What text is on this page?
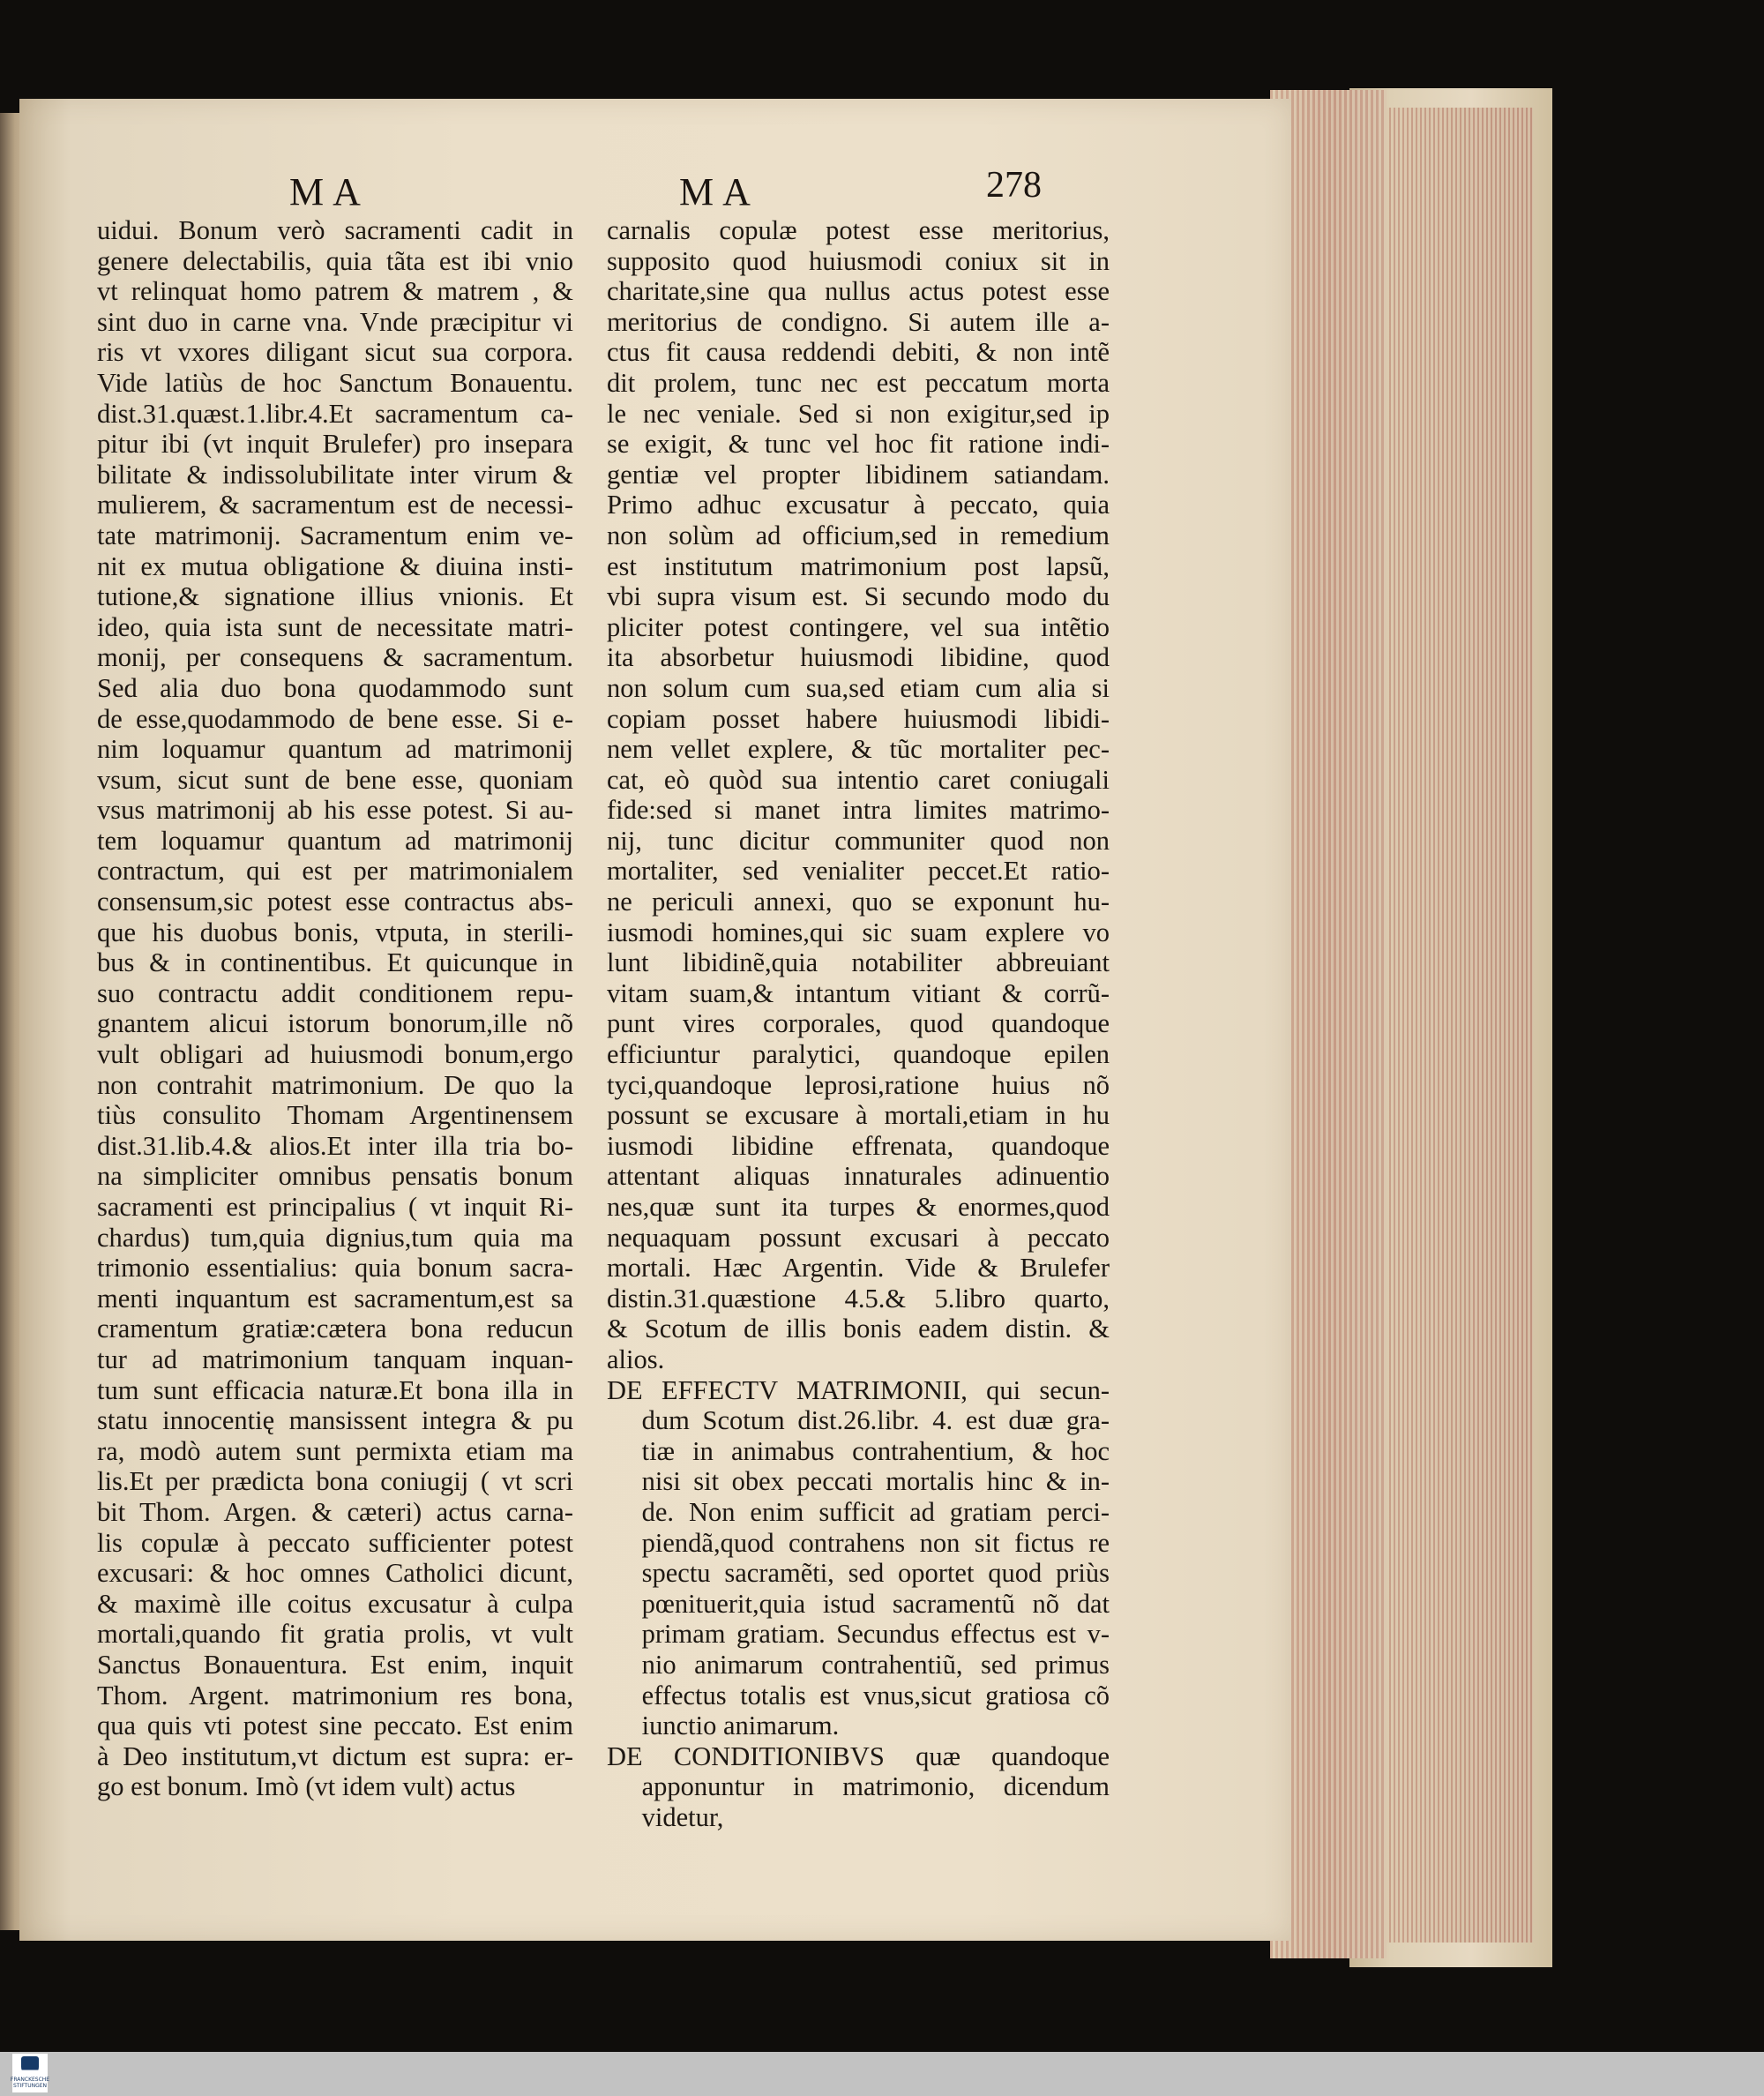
MA	MA	278
uidui. Bonum verò sacramenti cadit in
genere delectabilis, quia tãta est ibi vnio
vt relinquat homo patrem & matrem , &
sint duo in carne vna. Vnde præcipitur vi
ris vt vxores diligant sicut sua corpora.
Vide latiùs de hoc Sanctum Bonauentu.
dist.31.quæst.1.libr.4.Et sacramentum ca-
pitur ibi (vt inquit Brulefer) pro insepara
bilitate & indissolubilitate inter virum &
mulierem, & sacramentum est de necessi-
tate matrimonij. Sacramentum enim ve-
nit ex mutua obligatione & diuina insti-
tutione,& signatione illius vnionis. Et
ideo, quia ista sunt de necessitate matri-
monij, per consequens & sacramentum.
Sed alia duo bona quodammodo sunt
de esse,quodammodo de bene esse. Si e-
nim loquamur quantum ad matrimonij
vsum, sicut sunt de bene esse, quoniam
vsus matrimonij ab his esse potest. Si au-
tem loquamur quantum ad matrimonij
contractum, qui est per matrimonialem
consensum,sic potest esse contractus abs-
que his duobus bonis, vtputa, in sterili-
bus & in continentibus. Et quicunque in
suo contractu addit conditionem repu-
gnantem alicui istorum bonorum,ille nõ
vult obligari ad huiusmodi bonum,ergo
non contrahit matrimonium. De quo la
tiùs consulito Thomam Argentinensem
dist.31.lib.4.& alios.Et inter illa tria bo-
na simpliciter omnibus pensatis bonum
sacramenti est principalius ( vt inquit Ri-
chardus) tum,quia dignius,tum quia ma
trimonio essentialius: quia bonum sacra-
menti inquantum est sacramentum,est sa
cramentum gratiæ:cætera bona reducun
tur ad matrimonium tanquam inquan-
tum sunt efficacia naturæ.Et bona illa in
statu innocentię mansissent integra & pu
ra, modò autem sunt permixta etiam ma
lis.Et per prædicta bona coniugij ( vt scri
bit Thom. Argen. & cæteri) actus carna-
lis copulæ à peccato sufficienter potest
excusari: & hoc omnes Catholici dicunt,
& maximè ille coitus excusatur à culpa
mortali,quando fit gratia prolis, vt vult
Sanctus Bonauentura. Est enim, inquit
Thom. Argent. matrimonium res bona,
qua quis vti potest sine peccato. Est enim
à Deo institutum,vt dictum est supra: er-
go est bonum. Imò (vt idem vult) actus
carnalis copulæ potest esse meritorius,
supposito quod huiusmodi coniux sit in
charitate,sine qua nullus actus potest esse
meritorius de condigno. Si autem ille a-
ctus fit causa reddendi debiti, & non intẽ
dit prolem, tunc nec est peccatum morta
le nec veniale. Sed si non exigitur,sed ip
se exigit, & tunc vel hoc fit ratione indi-
gentiæ vel propter libidinem satiandam.
Primo adhuc excusatur à peccato, quia
non solùm ad officium,sed in remedium
est institutum matrimonium post lapsũ,
vbi supra visum est. Si secundo modo du
pliciter potest contingere, vel sua intẽtio
ita absorbetur huiusmodi libidine, quod
non solum cum sua,sed etiam cum alia si
copiam posset habere huiusmodi libidi-
nem vellet explere, & tũc mortaliter pec-
cat, eò quòd sua intentio caret coniugali
fide:sed si manet intra limites matrimo-
nij, tunc dicitur communiter quod non
mortaliter, sed venialiter peccet.Et ratio-
ne periculi annexi, quo se exponunt hu-
iusmodi homines,qui sic suam explere vo
lunt libidinẽ,quia notabiliter abbreuiant
vitam suam,& intantum vitiant & corrũ-
punt vires corporales, quod quandoque
efficiuntur paralytici, quandoque epilen
tyci,quandoque leprosi,ratione huius nõ
possunt se excusare à mortali,etiam in hu
iusmodi libidine effrenata, quandoque
attentant aliquas innaturales adinuentio
nes,quæ sunt ita turpes & enormes,quod
nequaquam possunt excusari à peccato
mortali. Hæc Argentin. Vide & Brulefer
distin.31.quæstione 4.5.& 5.libro quarto,
& Scotum de illis bonis eadem distin. &
alios.
DE EFFECTV MATRIMONII, qui secun-
dum Scotum dist.26.libr. 4. est duæ gra-
tiæ in animabus contrahentium, & hoc
nisi sit obex peccati mortalis hinc & in-
de. Non enim sufficit ad gratiam perci-
piendã,quod contrahens non sit fictus re
spectu sacramẽti, sed oportet quod priùs
pœnituerit,quia istud sacramentũ nõ dat
primam gratiam. Secundus effectus est v-
nio animarum contrahentiũ, sed primus
effectus totalis est vnus,sicut gratiosa cõ
iunctio animarum.
DE CONDITIONIBVS quæ quandoque
apponuntur in matrimonio, dicendum
videtur,
FRANCKESCHE
STIFTUNGEN
